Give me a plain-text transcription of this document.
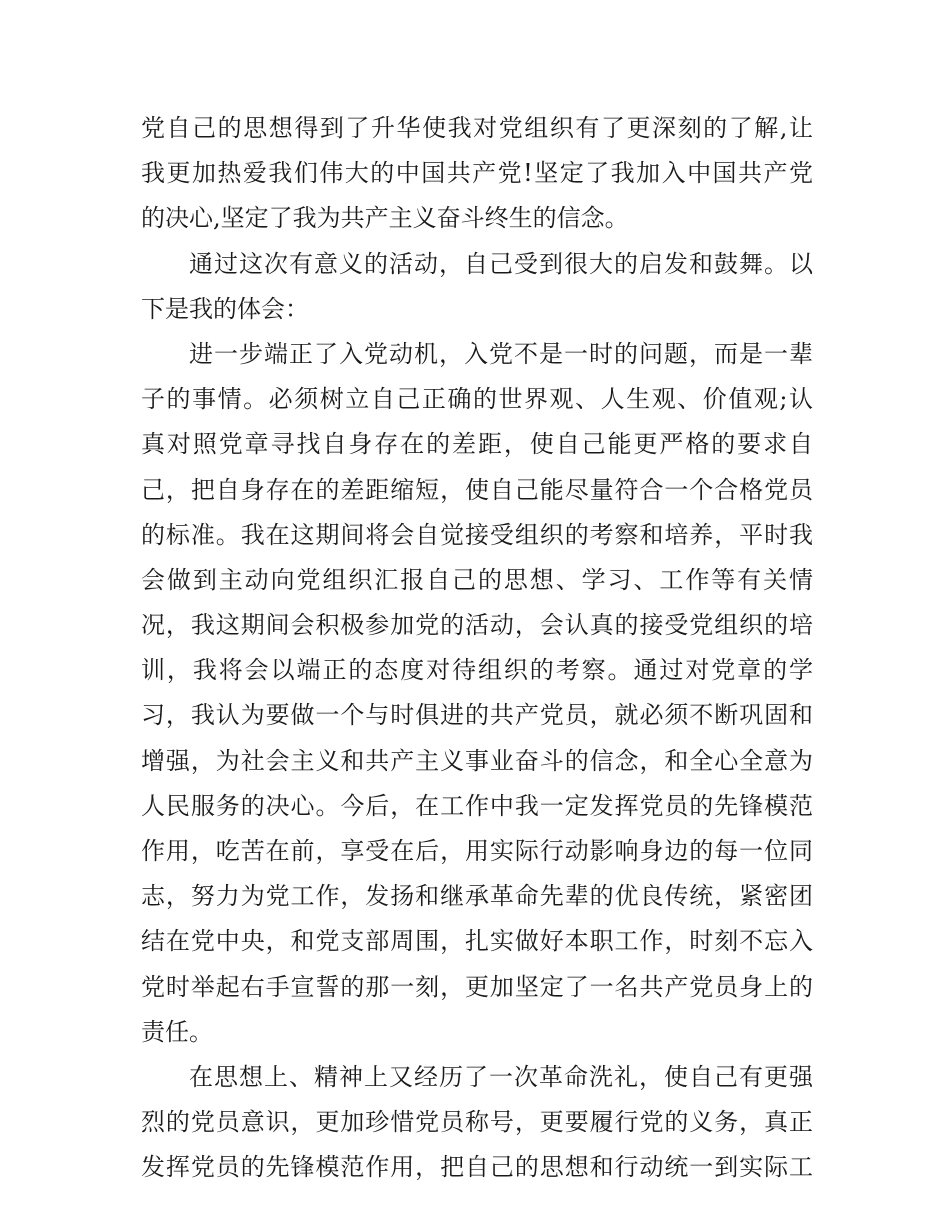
党自己的思想得到了升华使我对党组织有了更深刻的了解,让
我更加热爱我们伟大的中国共产党!坚定了我加入中国共产党
的决心,坚定了我为共产主义奋斗终生的信念。
通过这次有意义的活动，自己受到很大的启发和鼓舞。以
下是我的体会：
进一步端正了入党动机，入党不是一时的问题，而是一辈
子的事情。必须树立自己正确的世界观、人生观、价值观;认
真对照党章寻找自身存在的差距，使自己能更严格的要求自
己，把自身存在的差距缩短，使自己能尽量符合一个合格党员
的标准。我在这期间将会自觉接受组织的考察和培养，平时我
会做到主动向党组织汇报自己的思想、学习、工作等有关情
况，我这期间会积极参加党的活动，会认真的接受党组织的培
训，我将会以端正的态度对待组织的考察。通过对党章的学
习，我认为要做一个与时俱进的共产党员，就必须不断巩固和
增强，为社会主义和共产主义事业奋斗的信念，和全心全意为
人民服务的决心。今后，在工作中我一定发挥党员的先锋模范
作用，吃苦在前，享受在后，用实际行动影响身边的每一位同
志，努力为党工作，发扬和继承革命先辈的优良传统，紧密团
结在党中央，和党支部周围，扎实做好本职工作，时刻不忘入
党时举起右手宣誓的那一刻，更加坚定了一名共产党员身上的
责任。
在思想上、精神上又经历了一次革命洗礼，使自己有更强
烈的党员意识，更加珍惜党员称号，更要履行党的义务，真正
发挥党员的先锋模范作用，把自己的思想和行动统一到实际工
